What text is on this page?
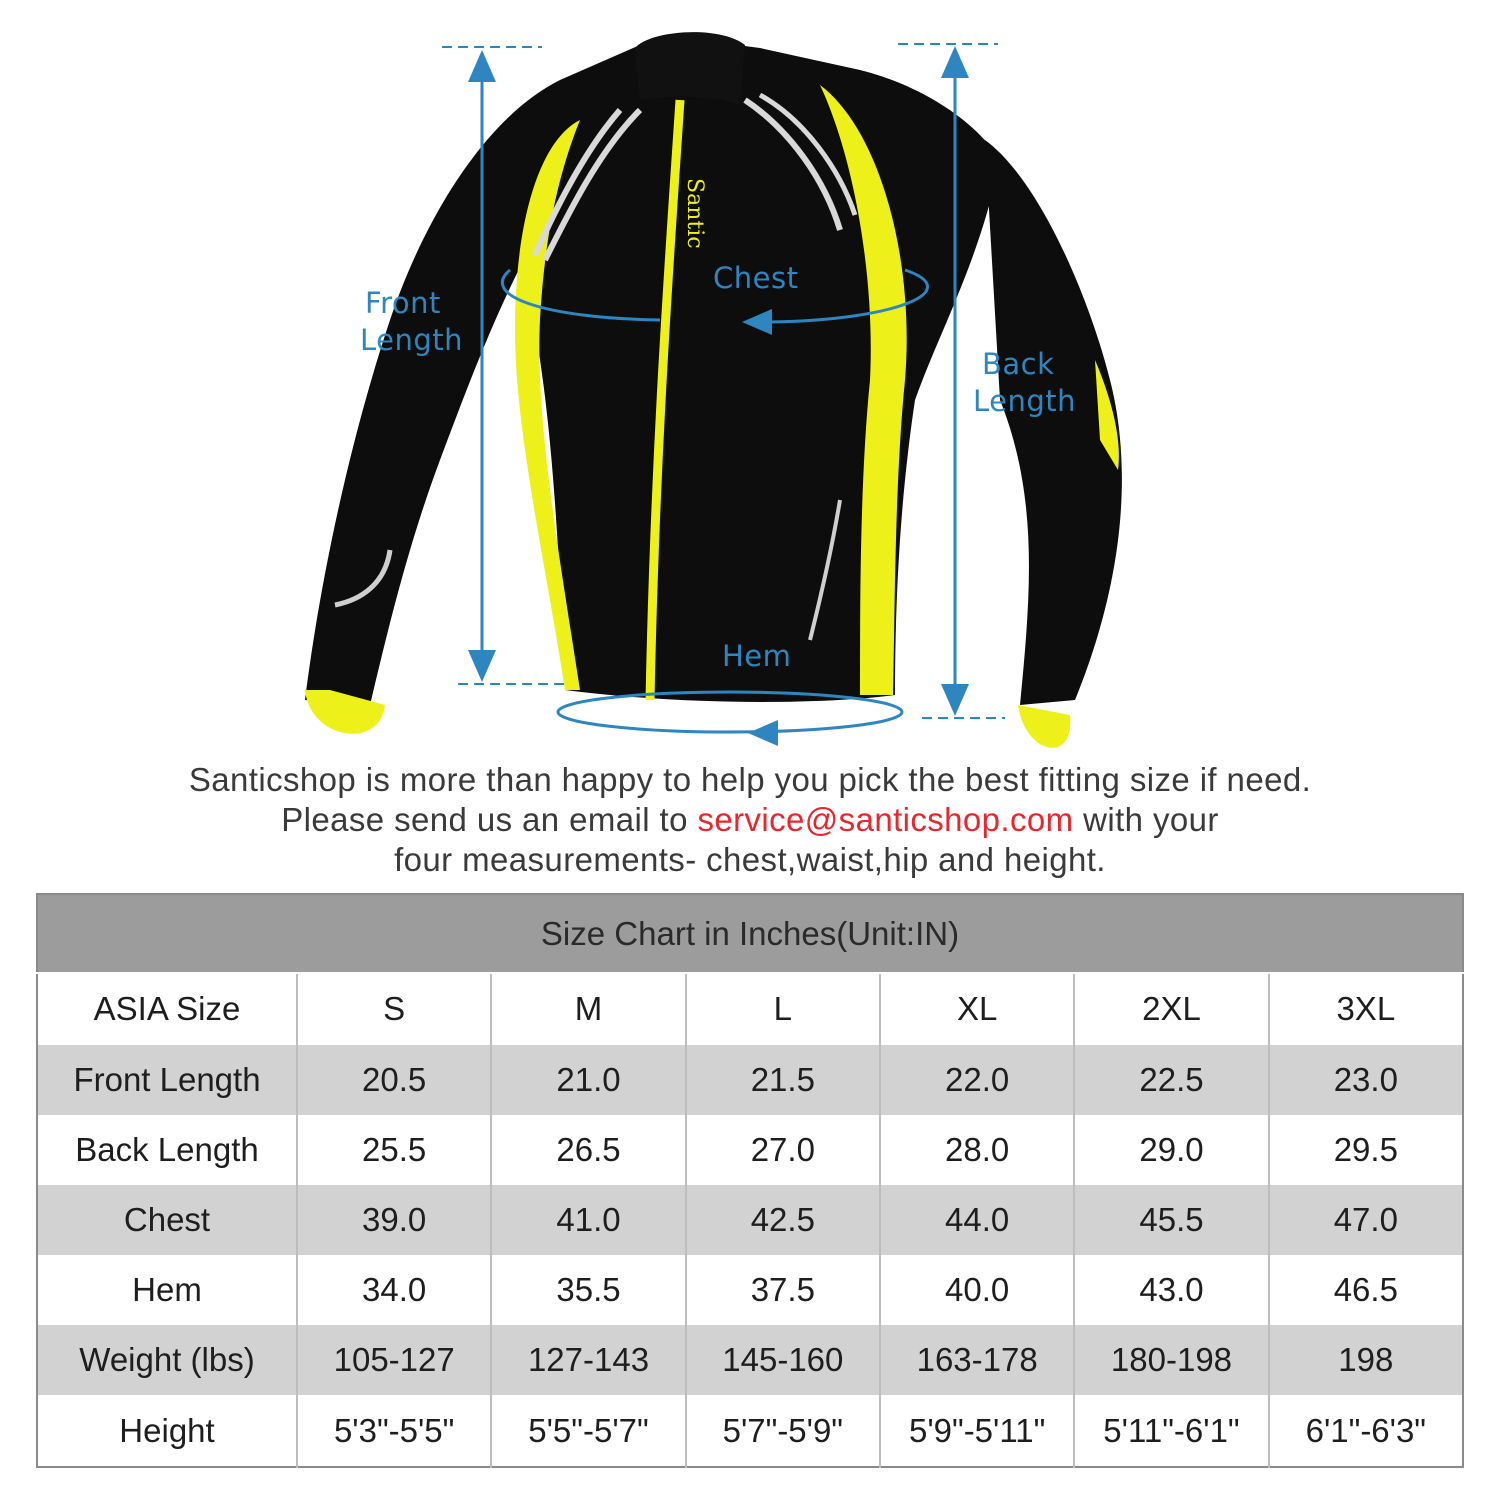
Santic
Front
Length
Back
Length
Chest
Hem
Santicshop is more than happy to help you pick the best fitting size if need.
Please send us an email to service@santicshop.com with your
four measurements- chest,waist,hip and height.
Size Chart in Inches(Unit:IN)						
ASIA Size	S	M	L	XL	2XL	3XL
Front Length	20.5	21.0	21.5	22.0	22.5	23.0
Back Length	25.5	26.5	27.0	28.0	29.0	29.5
Chest	39.0	41.0	42.5	44.0	45.5	47.0
Hem	34.0	35.5	37.5	40.0	43.0	46.5
Weight (lbs)	105-127	127-143	145-160	163-178	180-198	198
Height	5'3"-5'5"	5'5"-5'7"	5'7"-5'9"	5'9"-5'11"	5'11"-6'1"	6'1"-6'3"
